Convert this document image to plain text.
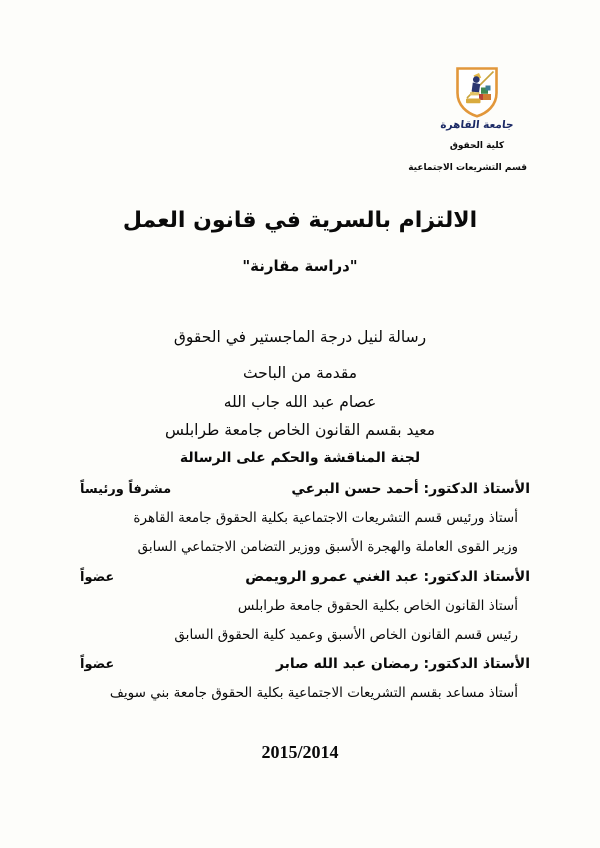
جامعة القاهرة
كلية الحقوق
قسم التشريعات الاجتماعية
الالتزام بالسرية في قانون العمل
"دراسة مقارنة"
رسالة لنيل درجة الماجستير في الحقوق
مقدمة من الباحث
عصام عبد الله جاب الله
معيد بقسم القانون الخاص جامعة طرابلس
لجنة المناقشة والحكم على الرسالة
الأستاذ الدكتور: أحمد حسن البرعي
مشرفاً ورئيساً
أستاذ ورئيس قسم التشريعات الاجتماعية بكلية الحقوق جامعة القاهرة
وزير القوى العاملة والهجرة الأسبق ووزير التضامن الاجتماعي السابق
الأستاذ الدكتور: عبد الغني عمرو الرويمض
عضواً
أستاذ القانون الخاص بكلية الحقوق جامعة طرابلس
رئيس قسم القانون الخاص الأسبق وعميد كلية الحقوق السابق
الأستاذ الدكتور: رمضان عبد الله صابر
عضواً
أستاذ مساعد بقسم التشريعات الاجتماعية بكلية الحقوق جامعة بني سويف
2015/2014
